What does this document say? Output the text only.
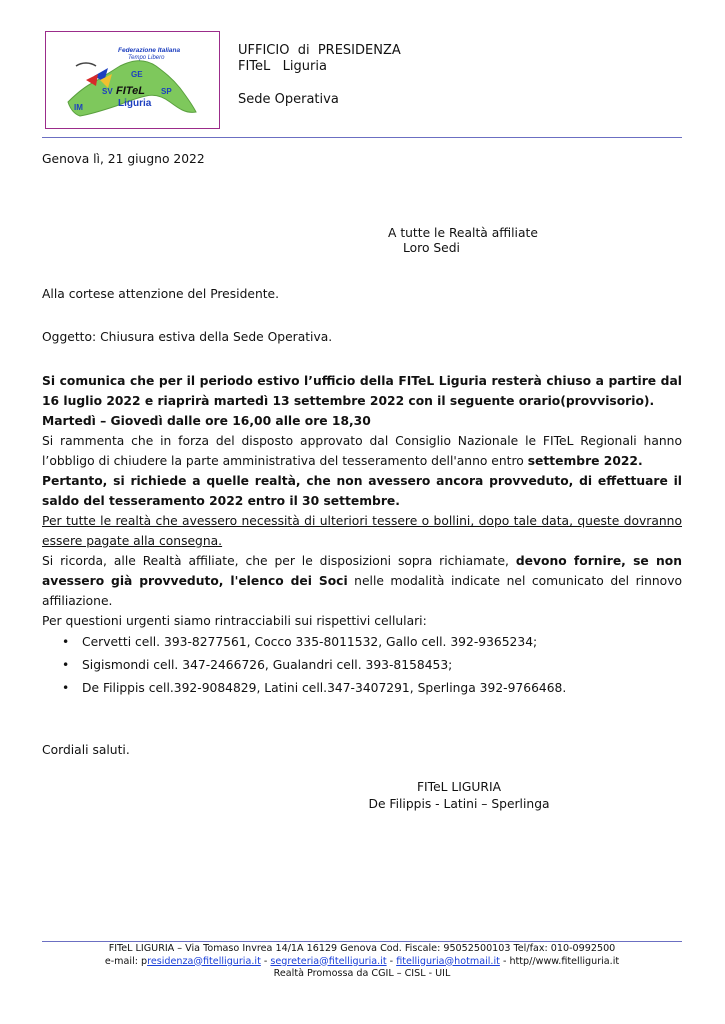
Federazione Italiana
Tempo Libero
SV
GE
IM
SP
FITeL
Liguria
UFFICIO  di  PRESIDENZA
FITeL   Liguria
Sede Operativa
Genova lì, 21 giugno 2022
A tutte le Realtà affiliate
Loro Sedi
Alla cortese attenzione del Presidente.
Oggetto: Chiusura estiva della Sede Operativa.

Si comunica che per il periodo estivo l’ufficio della FITeL Liguria resterà chiuso a partire dal 16 luglio 2022 e riaprirà martedì 13 settembre 2022 con il seguente orario(provvisorio).

Martedì – Giovedì dalle ore 16,00 alle ore 18,30

Si rammenta che in forza del disposto approvato dal Consiglio Nazionale le FITeL Regionali hanno l’obbligo di chiudere la parte amministrativa del tesseramento dell'anno entro settembre 2022.

Pertanto, si richiede a quelle realtà, che non avessero ancora provveduto, di effettuare il saldo del tesseramento 2022 entro il 30 settembre.

Per tutte le realtà che avessero necessità di ulteriori tessere o bollini, dopo tale data, queste dovranno essere pagate alla consegna.

Si ricorda, alle Realtà affiliate, che per le disposizioni sopra richiamate, devono fornire, se non avessero già provveduto, l'elenco dei Soci nelle modalità indicate nel comunicato del rinnovo affiliazione.

Per questioni urgenti siamo rintracciabili sui rispettivi cellulari:

• Cervetti cell. 393-8277561, Cocco 335-8011532, Gallo cell. 392-9365234;
• Sigismondi cell. 347-2466726, Gualandri cell. 393-8158453;
• De Filippis cell.392-9084829, Latini cell.347-3407291, Sperlinga 392-9766468.
Cordiali saluti.
FITeL LIGURIA
De Filippis - Latini – Sperlinga
FITeL LIGURIA – Via Tomaso Invrea 14/1A 16129 Genova Cod. Fiscale: 95052500103 Tel/fax: 010-0992500
e-mail: presidenza@fitelliguria.it - segreteria@fitelliguria.it - fitelliguria@hotmail.it - http//www.fitelliguria.it
Realtà Promossa da CGIL – CISL - UIL
